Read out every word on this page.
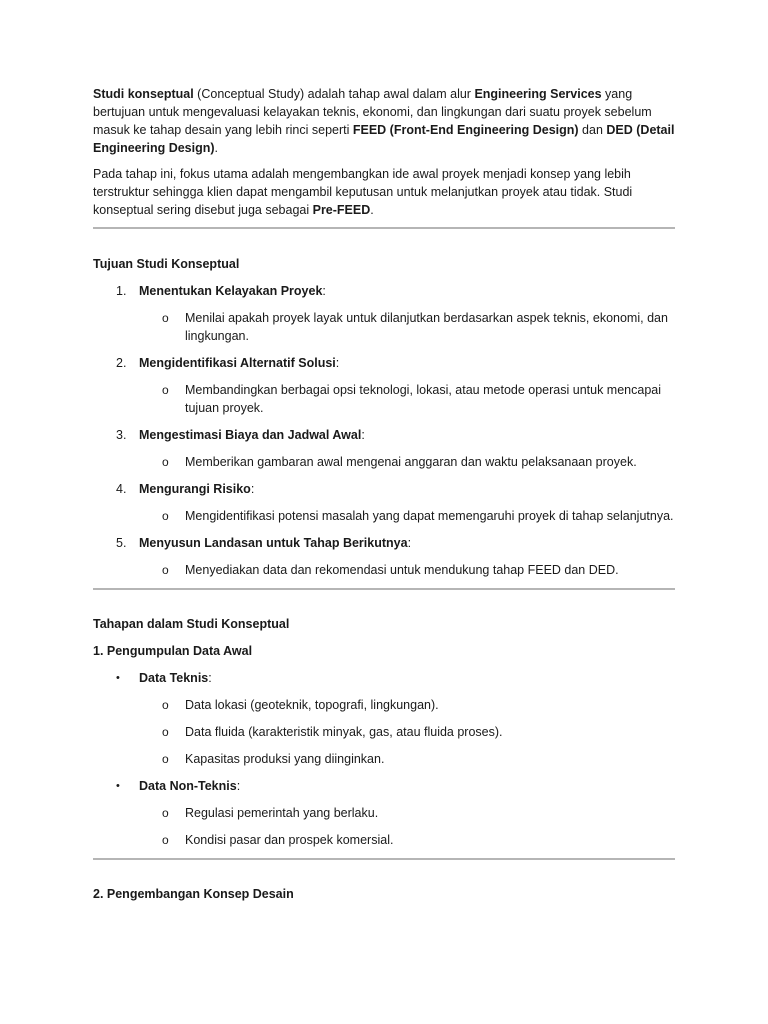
Studi konseptual (Conceptual Study) adalah tahap awal dalam alur Engineering Services yang bertujuan untuk mengevaluasi kelayakan teknis, ekonomi, dan lingkungan dari suatu proyek sebelum masuk ke tahap desain yang lebih rinci seperti FEED (Front-End Engineering Design) dan DED (Detail Engineering Design).

Pada tahap ini, fokus utama adalah mengembangkan ide awal proyek menjadi konsep yang lebih terstruktur sehingga klien dapat mengambil keputusan untuk melanjutkan proyek atau tidak. Studi konseptual sering disebut juga sebagai Pre-FEED.

Tujuan Studi Konseptual

1. Menentukan Kelayakan Proyek:
o Menilai apakah proyek layak untuk dilanjutkan berdasarkan aspek teknis, ekonomi, dan lingkungan.
2. Mengidentifikasi Alternatif Solusi:
o Membandingkan berbagai opsi teknologi, lokasi, atau metode operasi untuk mencapai tujuan proyek.
3. Mengestimasi Biaya dan Jadwal Awal:
o Memberikan gambaran awal mengenai anggaran dan waktu pelaksanaan proyek.
4. Mengurangi Risiko:
o Mengidentifikasi potensi masalah yang dapat memengaruhi proyek di tahap selanjutnya.
5. Menyusun Landasan untuk Tahap Berikutnya:
o Menyediakan data dan rekomendasi untuk mendukung tahap FEED dan DED.

Tahapan dalam Studi Konseptual

1. Pengumpulan Data Awal

• Data Teknis:
o Data lokasi (geoteknik, topografi, lingkungan).
o Data fluida (karakteristik minyak, gas, atau fluida proses).
o Kapasitas produksi yang diinginkan.
• Data Non-Teknis:
o Regulasi pemerintah yang berlaku.
o Kondisi pasar dan prospek komersial.

2. Pengembangan Konsep Desain
